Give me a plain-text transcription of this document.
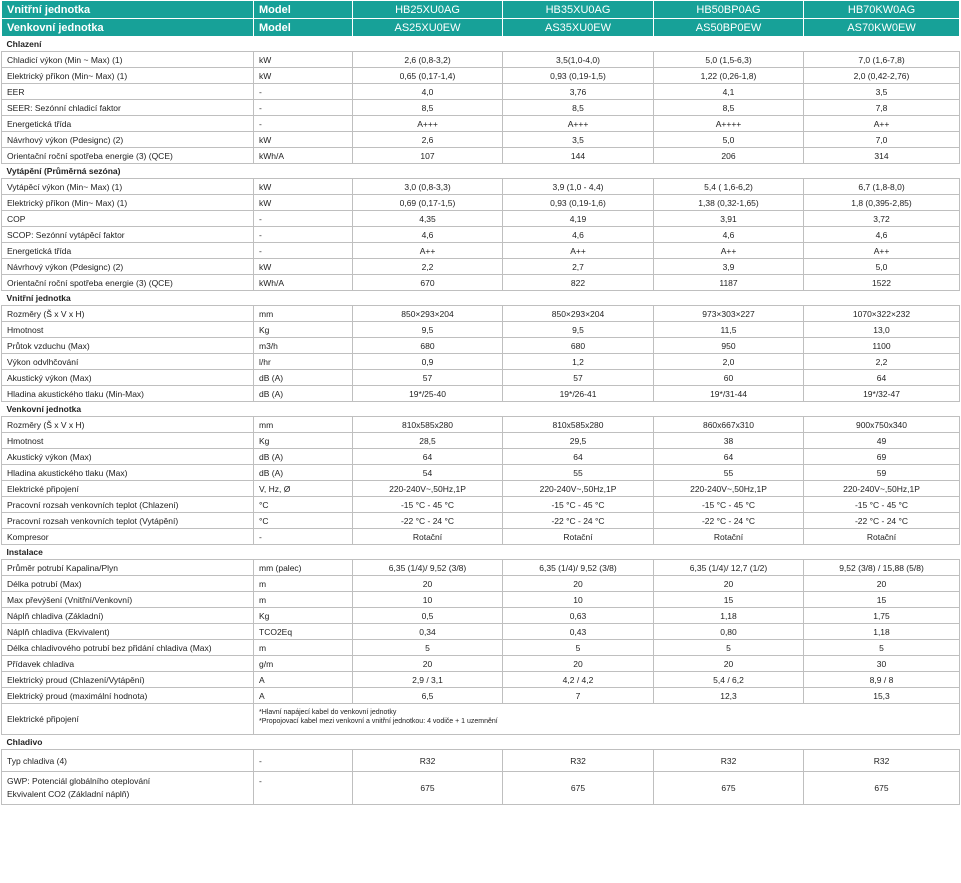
Vnitřní jednotka	Model	HB25XU0AG	HB35XU0AG	HB50BP0AG	HB70KW0AG
Venkovní jednotka	Model	AS25XU0EW	AS35XU0EW	AS50BP0EW	AS70KW0EW
Chlazení					
Chladicí výkon (Min ~ Max) (1)	kW	2,6 (0,8-3,2)	3,5(1,0-4,0)	5,0 (1,5-6,3)	7,0 (1,6-7,8)
Elektrický příkon (Min~ Max) (1)	kW	0,65 (0,17-1,4)	0,93 (0,19-1,5)	1,22 (0,26-1,8)	2,0 (0,42-2,76)
EER	-	4,0	3,76	4,1	3,5
SEER: Sezónní chladicí faktor	-	8,5	8,5	8,5	7,8
Energetická třída	-	A+++	A+++	A++++	A++
Návrhový výkon (Pdesignc) (2)	kW	2,6	3,5	5,0	7,0
Orientační roční spotřeba energie (3) (QCE)	kWh/A	107	144	206	314
Vytápění (Průměrná sezóna)					
Vytápěcí výkon (Min~ Max) (1)	kW	3,0 (0,8-3,3)	3,9 (1,0 - 4,4)	5,4 ( 1,6-6,2)	6,7 (1,8-8,0)
Elektrický příkon (Min~ Max) (1)	kW	0,69 (0,17-1,5)	0,93 (0,19-1,6)	1,38 (0,32-1,65)	1,8 (0,395-2,85)
COP	-	4,35	4,19	3,91	3,72
SCOP: Sezónní vytápěcí faktor	-	4,6	4,6	4,6	4,6
Energetická třída	-	A++	A++	A++	A++
Návrhový výkon (Pdesignc) (2)	kW	2,2	2,7	3,9	5,0
Orientační roční spotřeba energie (3) (QCE)	kWh/A	670	822	1187	1522
Vnitřní jednotka					
Rozměry (Š x V x H)	mm	850×293×204	850×293×204	973×303×227	1070×322×232
Hmotnost	Kg	9,5	9,5	11,5	13,0
Průtok vzduchu (Max)	m3/h	680	680	950	1100
Výkon odvlhčování	l/hr	0,9	1,2	2,0	2,2
Akustický výkon (Max)	dB (A)	57	57	60	64
Hladina akustického tlaku (Min-Max)	dB (A)	19*/25-40	19*/26-41	19*/31-44	19*/32-47
Venkovní jednotka					
Rozměry (Š x V x H)	mm	810x585x280	810x585x280	860x667x310	900x750x340
Hmotnost	Kg	28,5	29,5	38	49
Akustický výkon (Max)	dB (A)	64	64	64	69
Hladina akustického tlaku (Max)	dB (A)	54	55	55	59
Elektrické připojení	V, Hz, Ø	220-240V~,50Hz,1P	220-240V~,50Hz,1P	220-240V~,50Hz,1P	220-240V~,50Hz,1P
Pracovní rozsah venkovních teplot (Chlazení)	°C	-15 °C - 45 °C	-15 °C - 45 °C	-15 °C - 45 °C	-15 °C - 45 °C
Pracovní rozsah venkovních teplot (Vytápění)	°C	-22 °C - 24 °C	-22 °C - 24 °C	-22 °C - 24 °C	-22 °C - 24 °C
Kompresor	-	Rotační	Rotační	Rotační	Rotační
Instalace					
Průměr potrubí Kapalina/Plyn	mm (palec)	6,35 (1/4)/ 9,52 (3/8)	6,35 (1/4)/ 9,52 (3/8)	6,35 (1/4)/ 12,7 (1/2)	9,52 (3/8) / 15,88 (5/8)
Délka potrubí (Max)	m	20	20	20	20
Max převýšení (Vnitřní/Venkovní)	m	10	10	15	15
Náplň chladiva (Základní)	Kg	0,5	0,63	1,18	1,75
Náplň chladiva (Ekvivalent)	TCO2Eq	0,34	0,43	0,80	1,18
Délka chladivového potrubí bez přidání chladiva (Max)	m	5	5	5	5
Přídavek chladiva	g/m	20	20	20	30
Elektrický proud (Chlazení/Vytápění)	A	2,9 / 3,1	4,2 / 4,2	5,4 / 6,2	8,9 / 8
Elektrický proud (maximální hodnota)	A	6,5	7	12,3	15,3
Elektrické připojení	*Hlavní napájecí kabel do venkovní jednotky
*Propojovací kabel mezi venkovní a vnitřní jednotkou: 4 vodiče + 1 uzemnění				

Chladivo					
Typ chladiva (4)	-	R32	R32	R32	R32

GWP: Potenciál globálního oteplování
Ekvivalent CO2 (Základní náplň)	-	675	675	675	675
